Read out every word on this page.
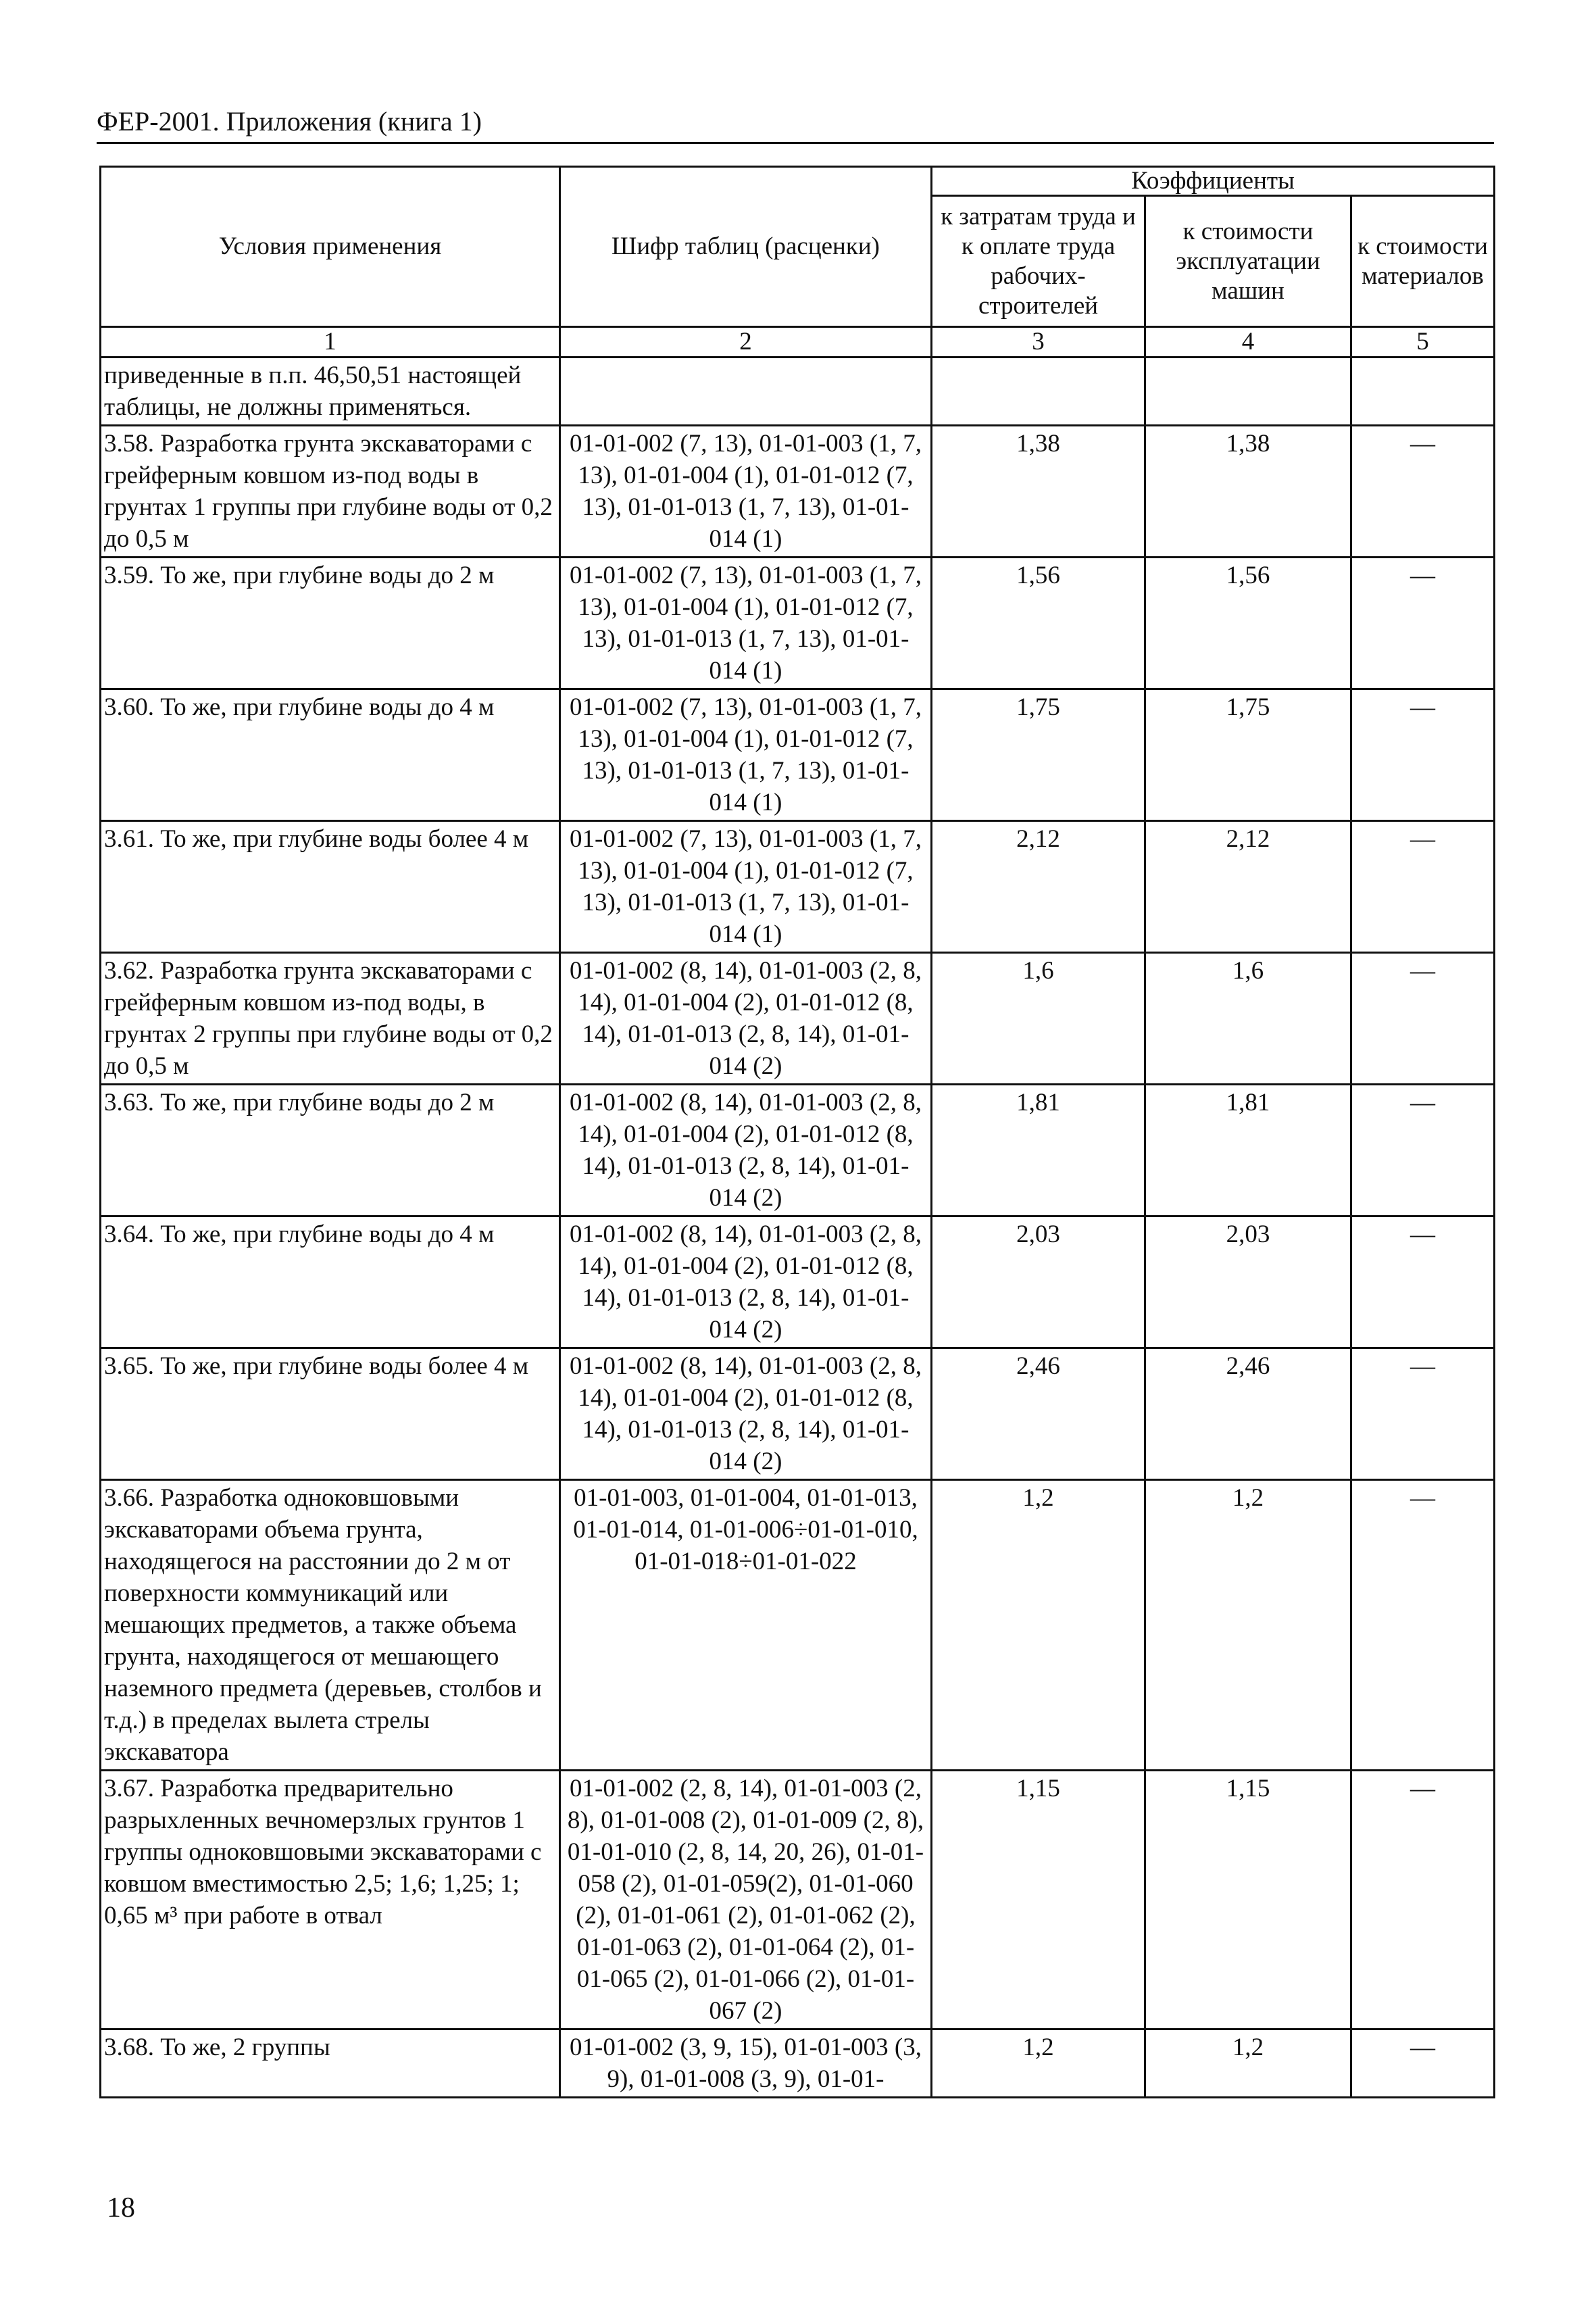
ФЕР-2001. Приложения (книга 1)
Условия применения	Шифр таблиц (расценки)	Коэффициенты		
		к затратам труда и к оплате труда рабочих-строителей	к стоимости эксплуатации машин	к стоимости материалов
1	2	3	4	5
приведенные в п.п. 46,50,51 настоящей таблицы, не должны применяться.				
3.58. Разработка грунта экскаваторами с грейферным ковшом из-под воды в грунтах 1 группы при глубине воды от 0,2 до 0,5 м	01-01-002 (7, 13), 01-01-003 (1, 7, 13), 01-01-004 (1), 01-01-012 (7, 13), 01-01-013 (1, 7, 13), 01-01-014 (1)	1,38	1,38	—
3.59. То же, при глубине воды до 2 м	01-01-002 (7, 13), 01-01-003 (1, 7, 13), 01-01-004 (1), 01-01-012 (7, 13), 01-01-013 (1, 7, 13), 01-01-014 (1)	1,56	1,56	—
3.60. То же, при глубине воды до 4 м	01-01-002 (7, 13), 01-01-003 (1, 7, 13), 01-01-004 (1), 01-01-012 (7, 13), 01-01-013 (1, 7, 13), 01-01-014 (1)	1,75	1,75	—
3.61. То же, при глубине воды более 4 м	01-01-002 (7, 13), 01-01-003 (1, 7, 13), 01-01-004 (1), 01-01-012 (7, 13), 01-01-013 (1, 7, 13), 01-01-014 (1)	2,12	2,12	—
3.62. Разработка грунта экскаваторами с грейферным ковшом из-под воды, в грунтах 2 группы при глубине воды от 0,2 до 0,5 м	01-01-002 (8, 14), 01-01-003 (2, 8, 14), 01-01-004 (2), 01-01-012 (8, 14), 01-01-013 (2, 8, 14), 01-01-014 (2)	1,6	1,6	—
3.63. То же, при глубине воды до 2 м	01-01-002 (8, 14), 01-01-003 (2, 8, 14), 01-01-004 (2), 01-01-012 (8, 14), 01-01-013 (2, 8, 14), 01-01-014 (2)	1,81	1,81	—
3.64. То же, при глубине воды до 4 м	01-01-002 (8, 14), 01-01-003 (2, 8, 14), 01-01-004 (2), 01-01-012 (8, 14), 01-01-013 (2, 8, 14), 01-01-014 (2)	2,03	2,03	—
3.65. То же, при глубине воды более 4 м	01-01-002 (8, 14), 01-01-003 (2, 8, 14), 01-01-004 (2), 01-01-012 (8, 14), 01-01-013 (2, 8, 14), 01-01-014 (2)	2,46	2,46	—
3.66. Разработка одноковшовыми экскаваторами объема грунта, находящегося на расстоянии до 2 м от поверхности коммуникаций или мешающих предметов, а также объема грунта, находящегося от мешающего наземного предмета (деревьев, столбов и т.д.) в пределах вылета стрелы экскаватора	01-01-003, 01-01-004, 01-01-013, 01-01-014, 01-01-006÷01-01-010, 01-01-018÷01-01-022	1,2	1,2	—
3.67. Разработка предварительно разрыхленных вечномерзлых грунтов 1 группы одноковшовыми экскаваторами с ковшом вместимостью 2,5; 1,6; 1,25; 1; 0,65 м³ при работе в отвал	01-01-002 (2, 8, 14), 01-01-003 (2, 8), 01-01-008 (2), 01-01-009 (2, 8), 01-01-010 (2, 8, 14, 20, 26), 01-01-058 (2), 01-01-059(2), 01-01-060 (2), 01-01-061 (2), 01-01-062 (2), 01-01-063 (2), 01-01-064 (2), 01-01-065 (2), 01-01-066 (2), 01-01-067 (2)	1,15	1,15	—
3.68. То же, 2 группы	01-01-002 (3, 9, 15), 01-01-003 (3, 9), 01-01-008 (3, 9), 01-01-	1,2	1,2	—
18
